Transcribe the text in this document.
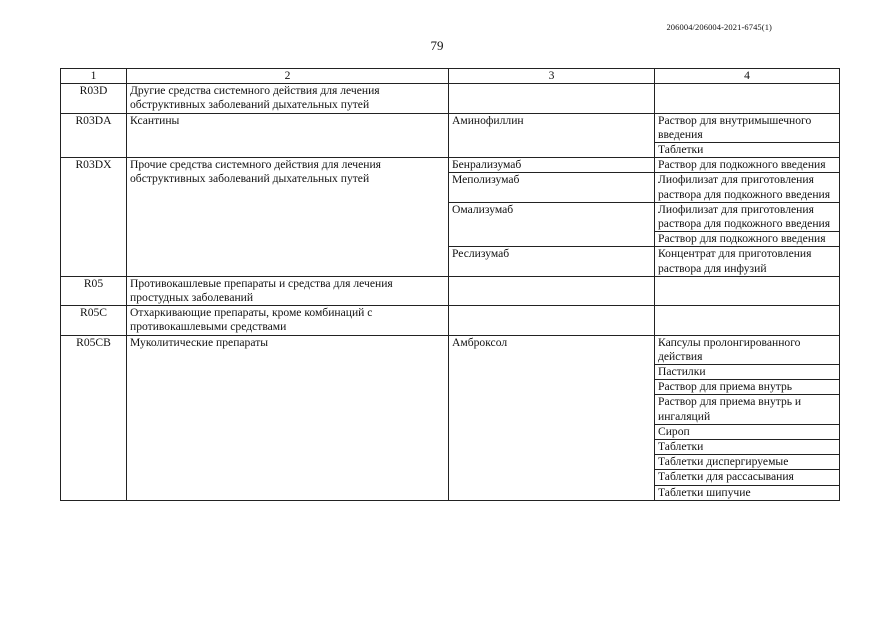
206004/206004-2021-6745(1)
79
1	2	3	4
R03D	Другие средства системного действия для лечения обструктивных заболеваний дыхательных путей		
R03DA	Ксантины	Аминофиллин	Раствор для внутримышечного введения
			Таблетки
R03DX	Прочие средства системного действия для лечения обструктивных заболеваний дыхательных путей	Бенрализумаб	Раствор для подкожного введения
		Меполизумаб	Лиофилизат для приготовления раствора для подкожного введения
		Омализумаб	Лиофилизат для приготовления раствора для подкожного введения
			Раствор для подкожного введения
		Реслизумаб	Концентрат для приготовления раствора для инфузий
R05	Противокашлевые препараты и средства для лечения простудных заболеваний		
R05C	Отхаркивающие препараты, кроме комбинаций с противокашлевыми средствами		
R05CB	Муколитические препараты	Амброксол	Капсулы пролонгированного действия
			Пастилки
			Раствор для приема внутрь
			Раствор для приема внутрь и ингаляций
			Сироп
			Таблетки
			Таблетки диспергируемые
			Таблетки для рассасывания
			Таблетки шипучие
